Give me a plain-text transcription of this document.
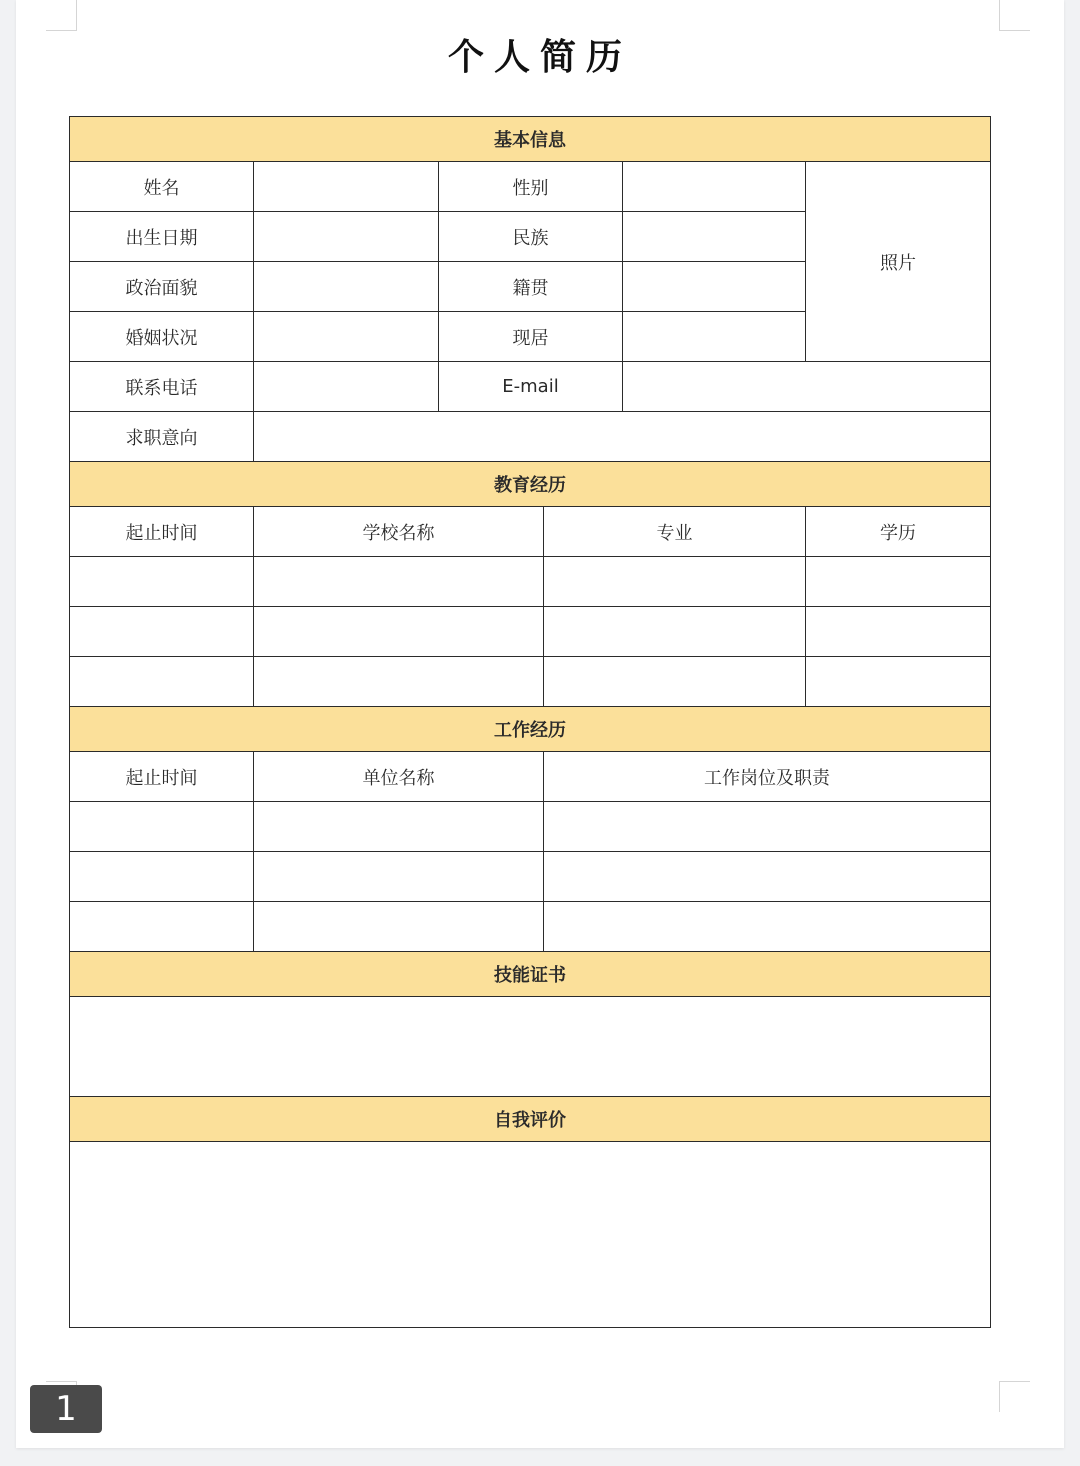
个人简历
基本信息					
姓名		性别			照片
出生日期		民族			
政治面貌		籍贯			
婚姻状况		现居			
联系电话		E-mail			
求职意向					
教育经历					
起止时间	学校名称		专业		学历

工作经历					
起止时间	单位名称		工作岗位及职责		

技能证书					

自我评价					

1
